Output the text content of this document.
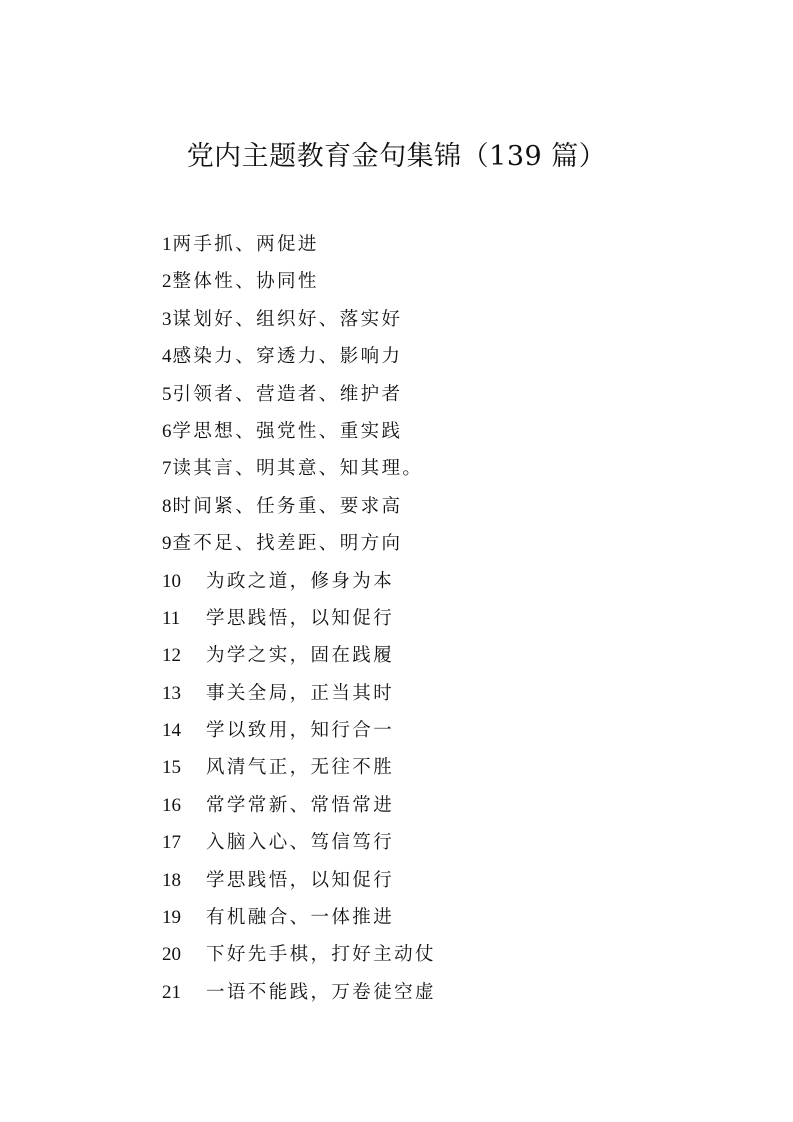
党内主题教育金句集锦（139 篇）
1 两手抓、两促进
2 整体性、协同性
3 谋划好、组织好、落实好
4 感染力、穿透力、影响力
5 引领者、营造者、维护者
6 学思想、强党性、重实践
7 读其言、明其意、知其理。
8 时间紧、任务重、要求高
9 查不足、找差距、明方向
10	为政之道，修身为本
11	学思践悟，以知促行
12	为学之实，固在践履
13	事关全局，正当其时
14	学以致用，知行合一
15	风清气正，无往不胜
16	常学常新、常悟常进
17	入脑入心、笃信笃行
18	学思践悟，以知促行
19	有机融合、一体推进
20	下好先手棋，打好主动仗
21	一语不能践，万卷徒空虚
